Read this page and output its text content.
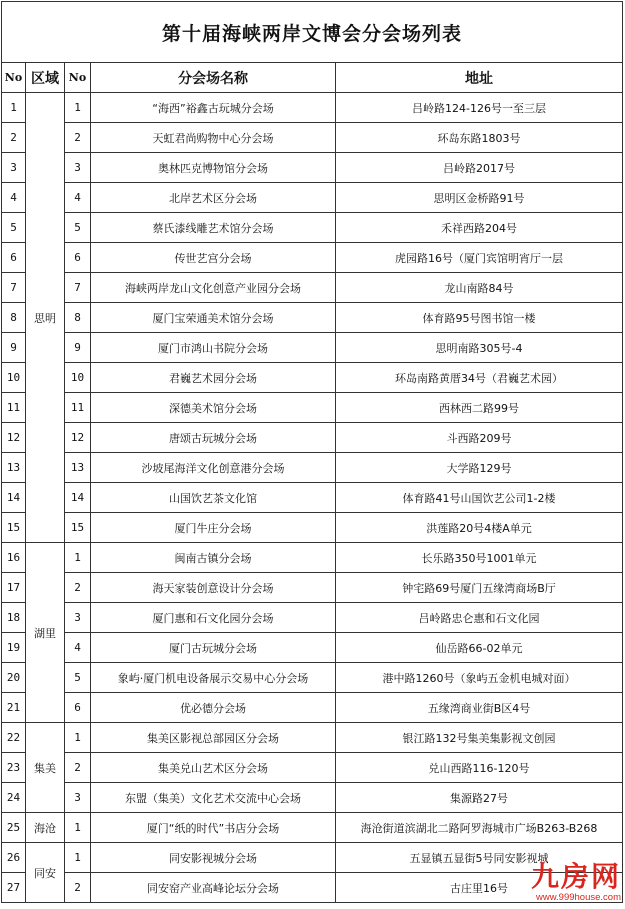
第十届海峡两岸文博会分会场列表				
No	区域	No	分会场名称	地址
1	思明	1	“海西”裕鑫古玩城分会场	吕岭路124-126号一至三层
2		2	天虹君尚购物中心分会场	环岛东路1803号
3		3	奥林匹克博物馆分会场	吕岭路2017号
4		4	北岸艺术区分会场	思明区金桥路91号
5		5	蔡氏漆线雕艺术馆分会场	禾祥西路204号
6		6	传世艺宫分会场	虎园路16号（厦门宾馆明宵厅一层
7		7	海峡两岸龙山文化创意产业园分会场	龙山南路84号
8		8	厦门宝荣通美术馆分会场	体育路95号图书馆一楼
9		9	厦门市鸿山书院分会场	思明南路305号-4
10		10	君巍艺术园分会场	环岛南路黄厝34号（君巍艺术园）
11		11	深德美术馆分会场	西林西二路99号
12		12	唐颂古玩城分会场	斗西路209号
13		13	沙坡尾海洋文化创意港分会场	大学路129号
14		14	山国饮艺茶文化馆	体育路41号山国饮艺公司1-2楼
15		15	厦门牛庄分会场	洪莲路20号4楼A单元
16	湖里	1	闽南古镇分会场	长乐路350号1001单元
17		2	海天家装创意设计分会场	钟宅路69号厦门五缘湾商场B厅
18		3	厦门惠和石文化园分会场	吕岭路忠仑惠和石文化园
19		4	厦门古玩城分会场	仙岳路66-02单元
20		5	象屿·厦门机电设备展示交易中心分会场	港中路1260号（象屿五金机电城对面）
21		6	优必德分会场	五缘湾商业街B区4号
22	集美	1	集美区影视总部园区分会场	银江路132号集美集影视文创园
23		2	集美兑山艺术区分会场	兑山西路116-120号
24		3	东盟（集美）文化艺术交流中心会场	集源路27号
25	海沧	1	厦门“纸的时代”书店分会场	海沧街道滨湖北二路阿罗海城市广场B263-B268
26	同安	1	同安影视城分会场	五显镇五显街5号同安影视城
27		2	同安窑产业高峰论坛分会场	古庄里16号 九房网
www.999house.com
